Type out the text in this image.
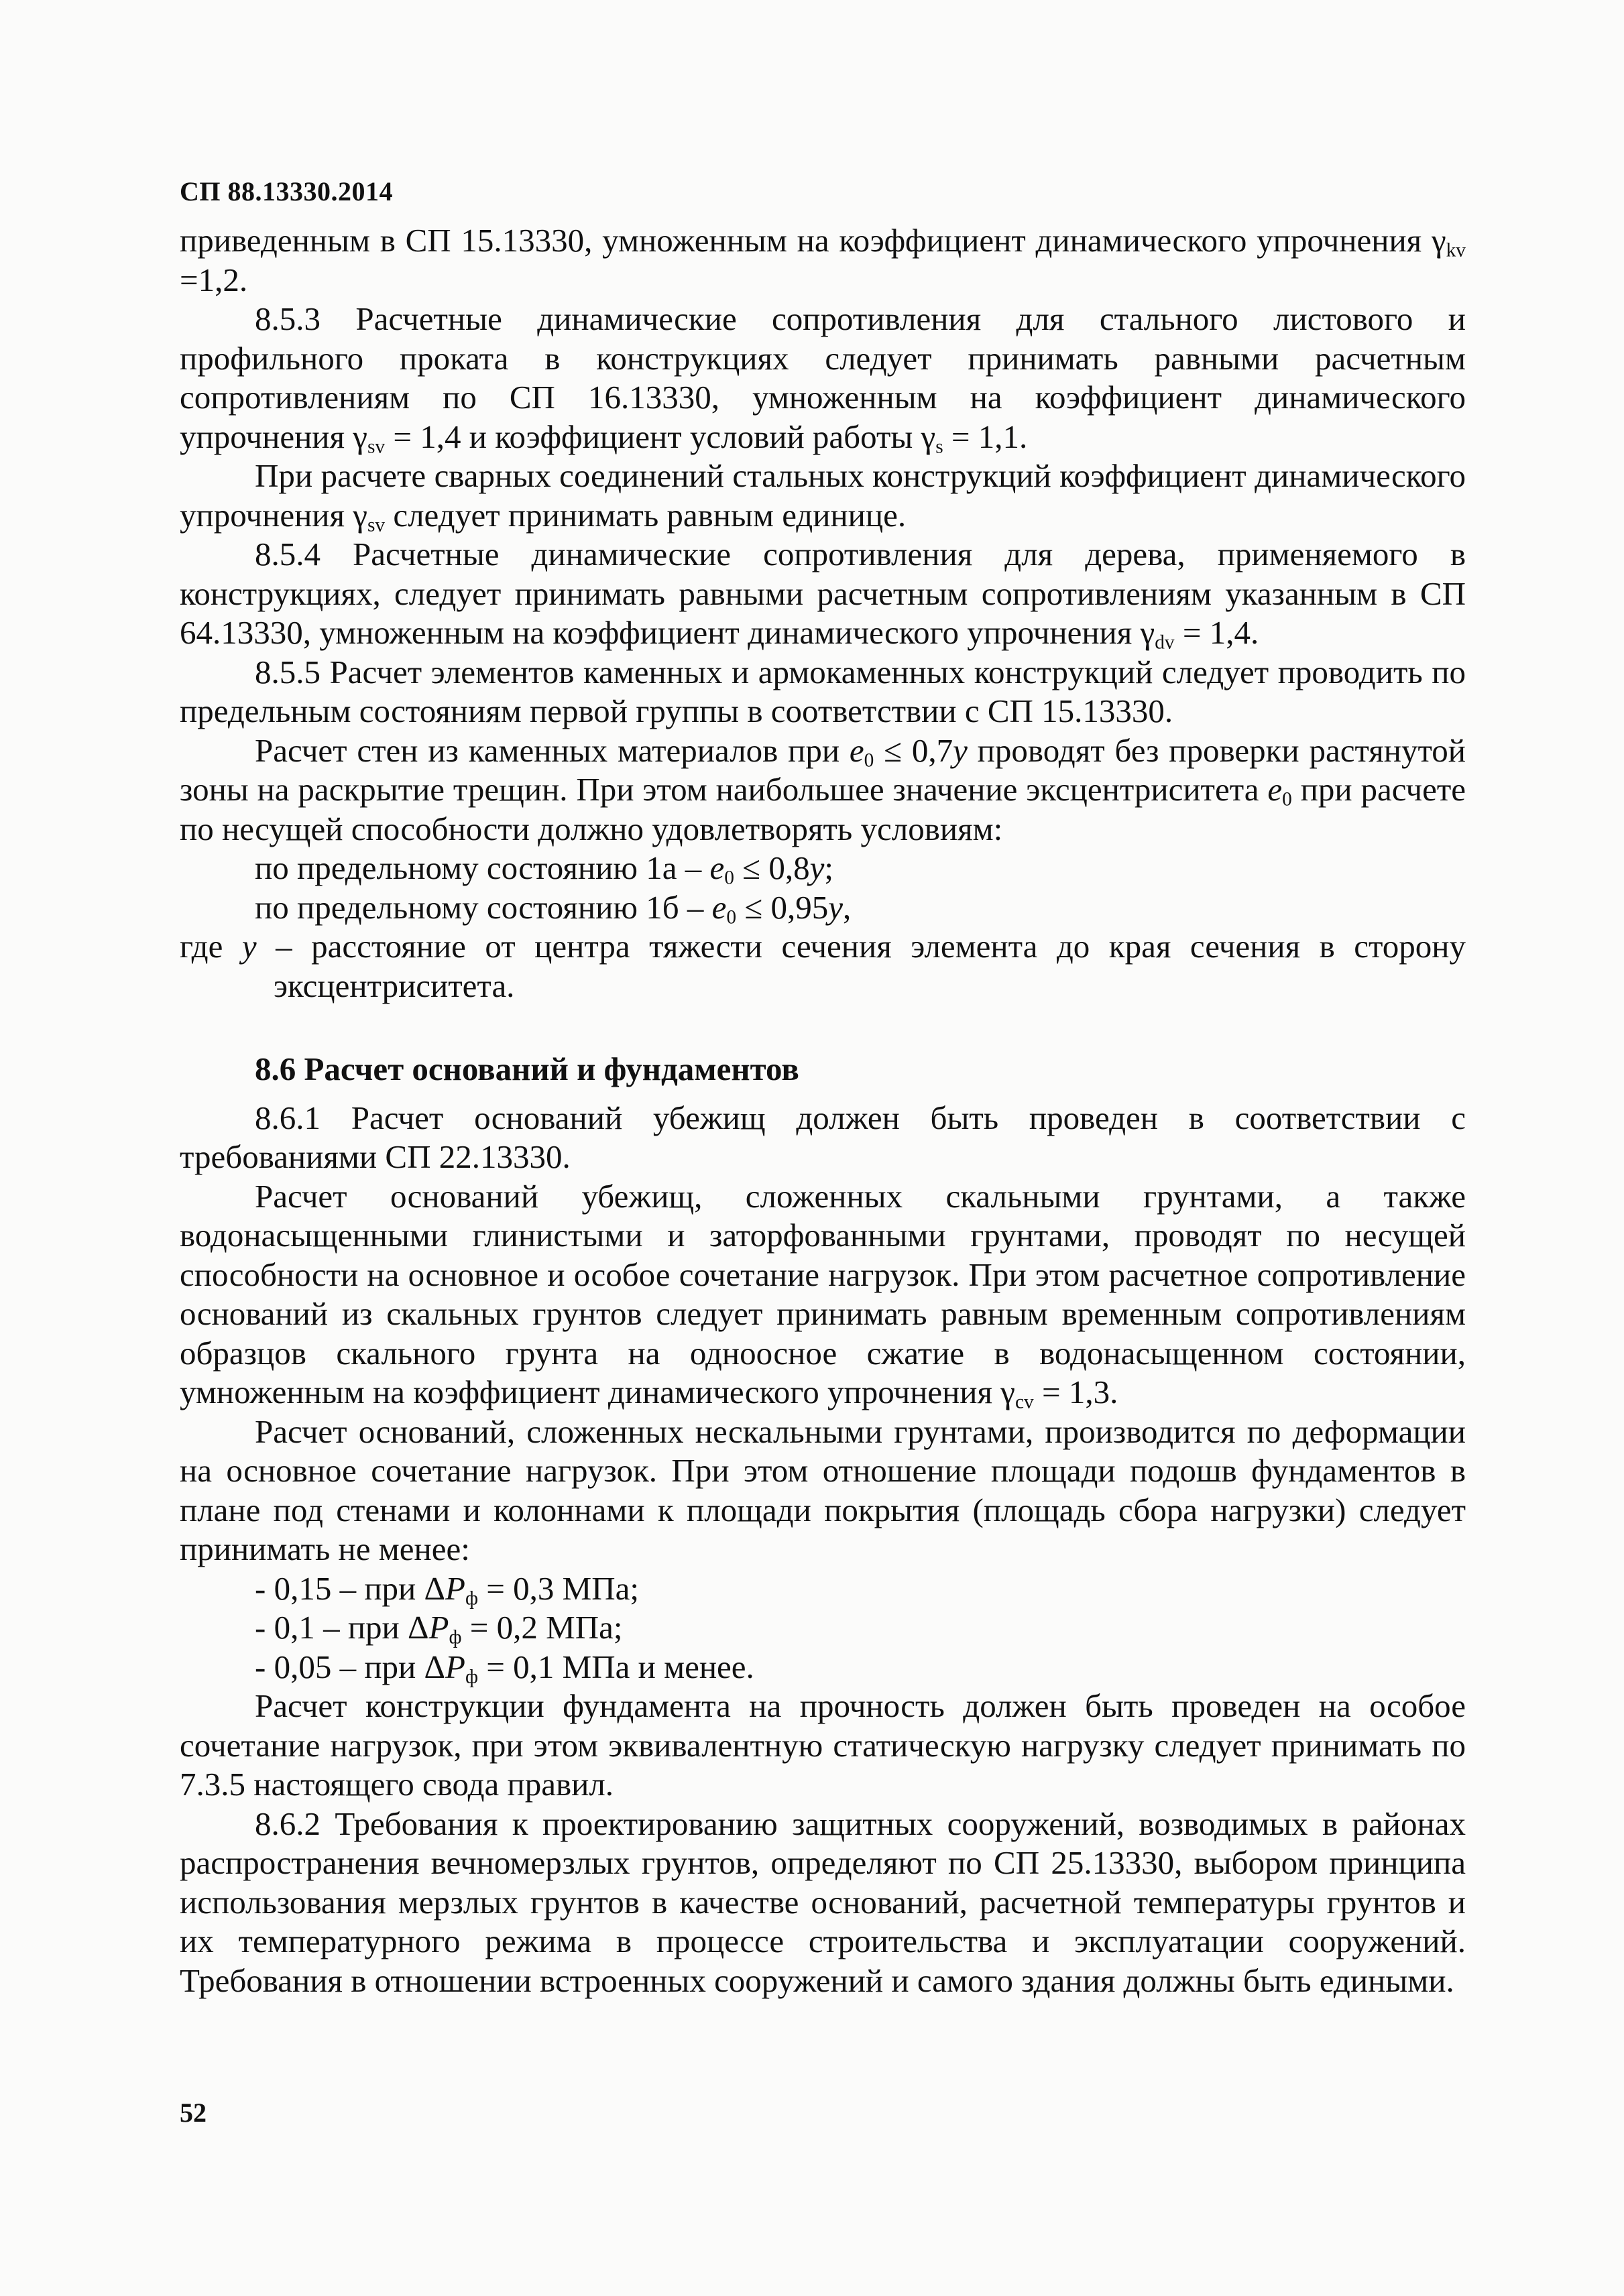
СП 88.13330.2014

приведенным в СП 15.13330, умноженным на коэффициент динамического упрочнения $\gamma_{kv} =1,2$.

8.5.3 Расчетные динамические сопротивления для стального листового и профильного проката в конструкциях следует принимать равными расчетным сопротивлениям по СП 16.13330, умноженным на коэффициент динамического упрочнения $\gamma_{sv} = 1,4$ и коэффициент условий работы $\gamma_s = 1,1$.

При расчете сварных соединений стальных конструкций коэффициент динамического упрочнения $\gamma_{sv}$ следует принимать равным единице.

8.5.4 Расчетные динамические сопротивления для дерева, применяемого в конструкциях, следует принимать равными расчетным сопротивлениям указанным в СП 64.13330, умноженным на коэффициент динамического упрочнения $\gamma_{dv} = 1,4$.

8.5.5 Расчет элементов каменных и армокаменных конструкций следует проводить по предельным состояниям первой группы в соответствии с СП 15.13330.

Расчет стен из каменных материалов при $e_0 \le 0,7y$ проводят без проверки растянутой зоны на раскрытие трещин. При этом наибольшее значение эксцентриситета $e_0$ при расчете по несущей способности должно удовлетворять условиям:

по предельному состоянию $1а - e_0 \le 0,8y$;

по предельному состоянию $1б - e_0 \le 0,95y$,

где y – расстояние от центра тяжести сечения элемента до края сечения в сторону эксцентриситета.

8.6 Расчет оснований и фундаментов

8.6.1 Расчет оснований убежищ должен быть проведен в соответствии с требованиями СП 22.13330.

Расчет оснований убежищ, сложенных скальными грунтами, а также водонасыщенными глинистыми и заторфованными грунтами, проводят по несущей способности на основное и особое сочетание нагрузок. При этом расчетное сопротивление оснований из скальных грунтов следует принимать равным временным сопротивлениям образцов скального грунта на одноосное сжатие в водонасыщенном состоянии, умноженным на коэффициент динамического упрочнения $\gamma_{cv} = 1,3$.

Расчет оснований, сложенных нескальными грунтами, производится по деформации на основное сочетание нагрузок. При этом отношение площади подошв фундаментов в плане под стенами и колоннами к площади покрытия (площадь сбора нагрузки) следует принимать не менее:

- 0,15 – при $\Delta P_ф = 0,3$ МПа;

- 0,1 – при $\Delta P_ф = 0,2$ МПа;

- 0,05 – при $\Delta P_ф = 0,1$ МПа и менее.

Расчет конструкции фундамента на прочность должен быть проведен на особое сочетание нагрузок, при этом эквивалентную статическую нагрузку следует принимать по 7.3.5 настоящего свода правил.

8.6.2 Требования к проектированию защитных сооружений, возводимых в районах распространения вечномерзлых грунтов, определяют по СП 25.13330, выбором принципа использования мерзлых грунтов в качестве оснований, расчетной температуры грунтов и их температурного режима в процессе строительства и эксплуатации сооружений. Требования в отношении встроенных сооружений и самого здания должны быть едиными.

52
